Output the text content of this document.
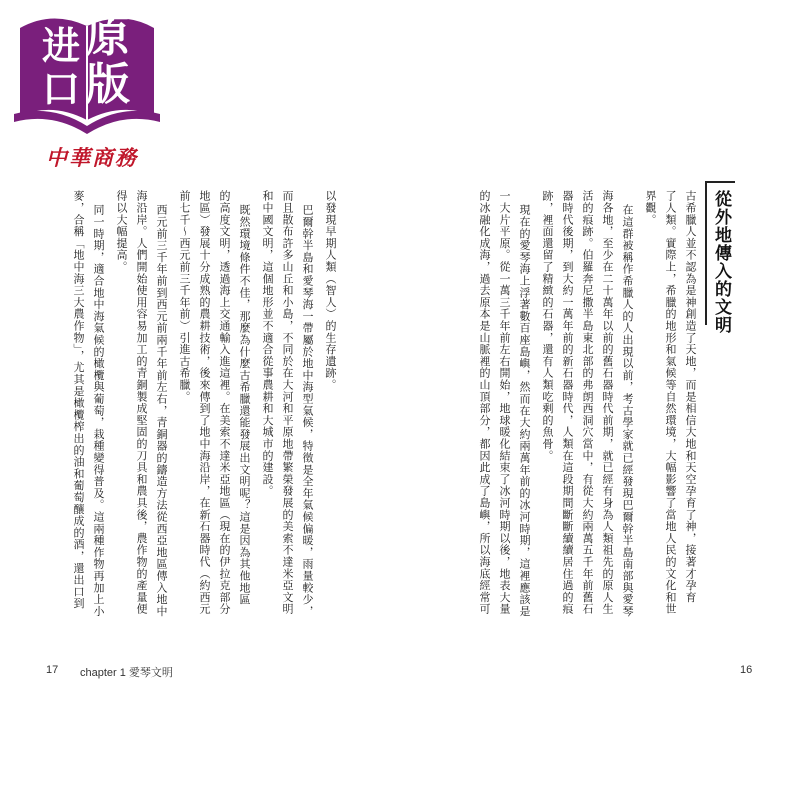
进
口
原
版
中華商務
從外地傳入的文明
古希臘人並不認為是神創造了天地，而是相信大地和天空孕育了神，接著才孕育
了人類。實際上，希臘的地形和氣候等自然環境，大幅影響了當地人民的文化和世
界觀。
在這群被稱作希臘人的人出現以前，考古學家就已經發現巴爾幹半島南部與愛琴
海各地，至少在二十萬年以前的舊石器時代前期，就已經有身為人類祖先的原人生
活的痕跡。伯羅奔尼撒半島東北部的弗朗西洞穴當中，有從大約兩萬五千年前舊石
器時代後期，到大約一萬年前的新石器時代，人類在這段期間斷斷續續居住過的痕
跡，裡面還留了精緻的石器，還有人類吃剩的魚骨。
現在的愛琴海上浮著數百座島嶼，然而在大約兩萬年前的冰河時期，這裡應該是
一大片平原。從一萬三千年前左右開始，地球暖化結束了冰河時期以後，地表大量
的冰融化成海，過去原本是山脈裡的山頂部分，都因此成了島嶼，所以海底經常可
以發現早期人類（智人）的生存遺跡。
巴爾幹半島和愛琴海一帶屬於地中海型氣候，特徵是全年氣候偏暖，雨量較少，
而且散布許多山丘和小島，不同於在大河和平原地帶繁榮發展的美索不達米亞文明
和中國文明，這個地形並不適合從事農耕和大城市的建設。
既然環境條件不佳，那麼為什麼古希臘還能發展出文明呢？這是因為其他地區
的高度文明，透過海上交通輸入進這裡。在美索不達米亞地區（現在的伊拉克部分
地區）發展十分成熟的農耕技術，後來傳到了地中海沿岸，在新石器時代（約西元
前七千～西元前三千年前）引進古希臘。
西元前三千年前到西元前兩千年前左右，青銅器的鑄造方法從西亞地區傳入地中
海沿岸。人們開始使用容易加工的青銅製成堅固的刀具和農具後，農作物的產量便
得以大幅提高。
同一時期，適合地中海氣候的橄欖與葡萄，栽種變得普及。這兩種作物再加上小
麥，合稱「地中海三大農作物」，尤其是橄欖榨出的油和葡萄釀成的酒，還出口到
17 chapter 1 愛琴文明	16
